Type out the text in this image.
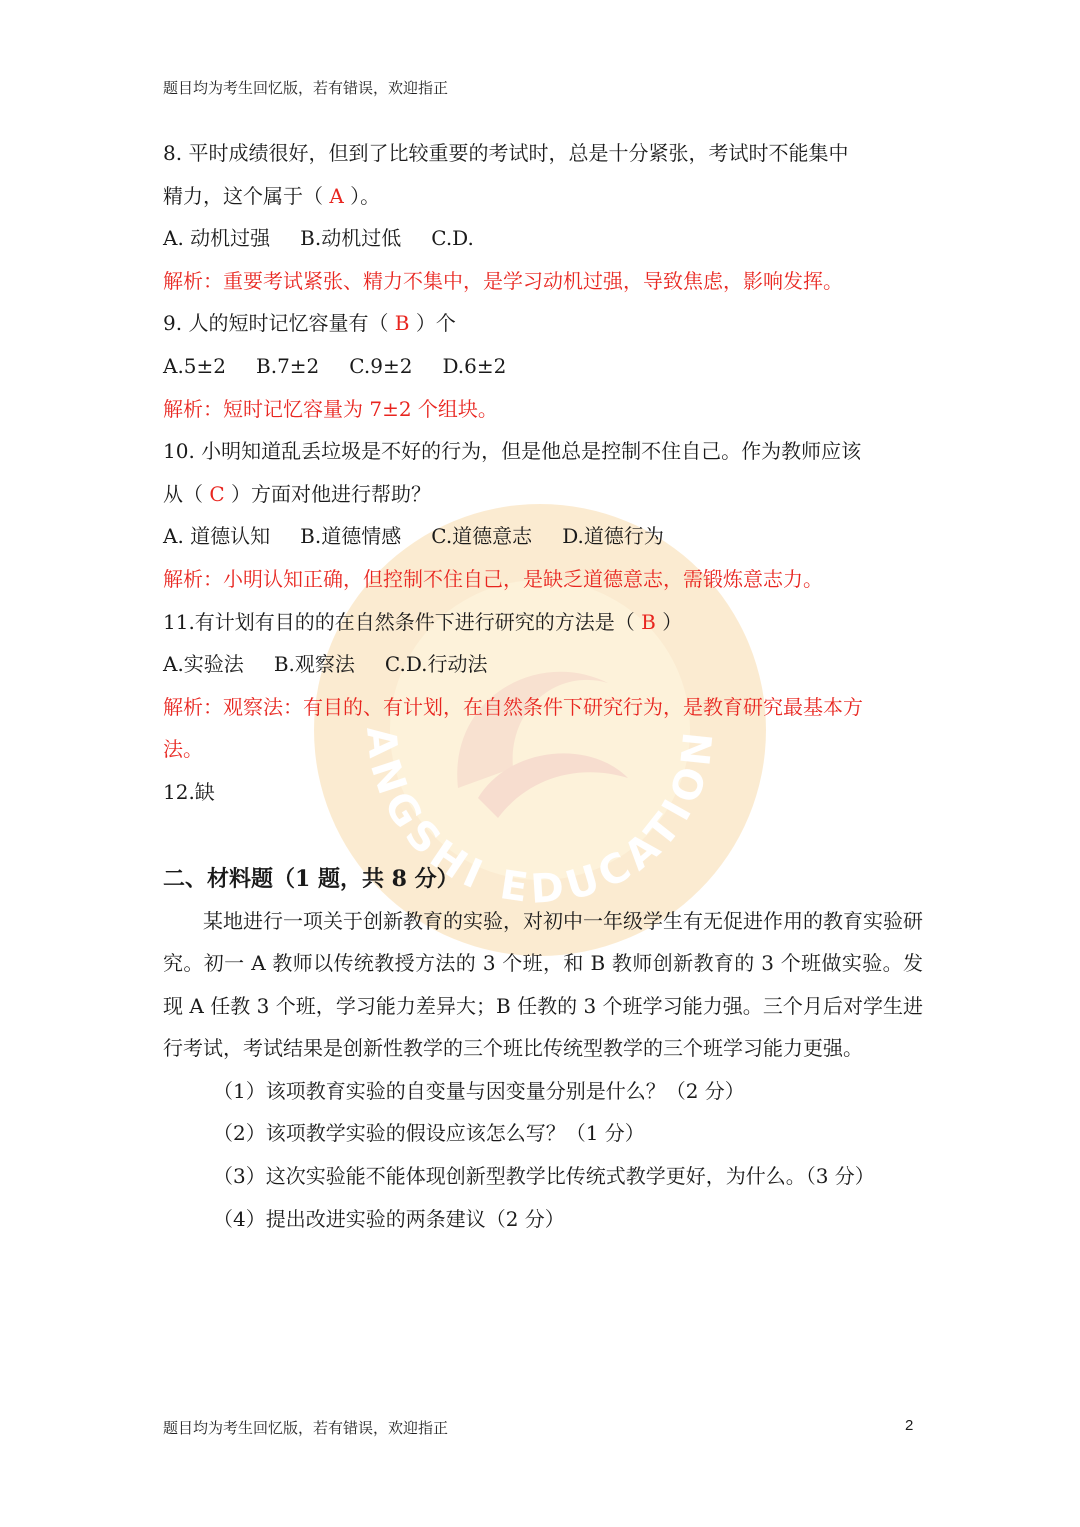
ANGSHI EDUCATION
题目均为考生回忆版，若有错误，欢迎指正
8. 平时成绩很好，但到了比较重要的考试时，总是十分紧张，考试时不能集中
精力，这个属于（ A ）。
A. 动机过强 B.动机过低 C.D.
解析：重要考试紧张、精力不集中，是学习动机过强，导致焦虑，影响发挥。
9. 人的短时记忆容量有（ B ）个
A.5±2 B.7±2 C.9±2 D.6±2
解析：短时记忆容量为 7±2 个组块。
10. 小明知道乱丢垃圾是不好的行为，但是他总是控制不住自己。作为教师应该
从（ C ）方面对他进行帮助？
A. 道德认知 B.道德情感 C.道德意志 D.道德行为
解析：小明认知正确，但控制不住自己，是缺乏道德意志，需锻炼意志力。
11.有计划有目的的在自然条件下进行研究的方法是（ B ）
A.实验法 B.观察法 C.D.行动法
解析：观察法：有目的、有计划，在自然条件下研究行为，是教育研究最基本方
法。
12.缺
二、材料题（1 题，共 8 分）
某地进行一项关于创新教育的实验，对初中一年级学生有无促进作用的教育实验研究。初一 A 教师以传统教授方法的 3 个班，和 B 教师创新教育的 3 个班做实验。发现 A 任教 3 个班，学习能力差异大；B 任教的 3 个班学习能力强。三个月后对学生进行考试，考试结果是创新性教学的三个班比传统型教学的三个班学习能力更强。
（1）该项教育实验的自变量与因变量分别是什么？（2 分）
（2）该项教学实验的假设应该怎么写？（1 分）
（3）这次实验能不能体现创新型教学比传统式教学更好，为什么。（3 分）
（4）提出改进实验的两条建议（2 分）
题目均为考生回忆版，若有错误，欢迎指正	2
